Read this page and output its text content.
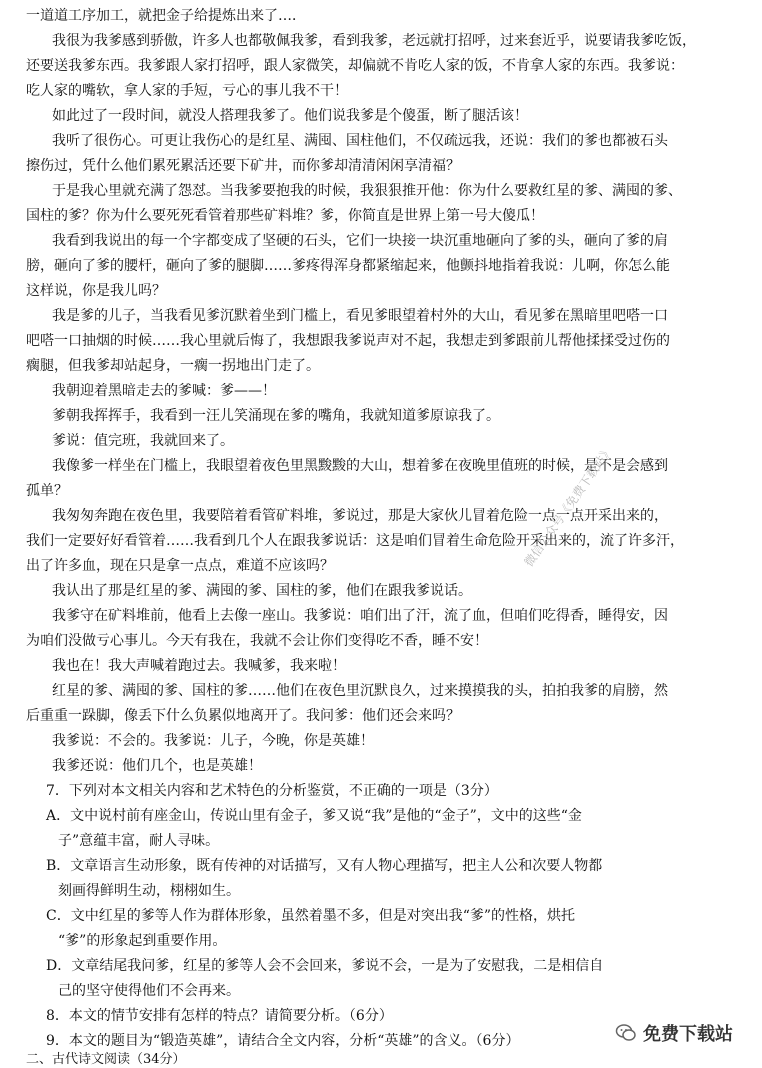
一道道工序加工，就把金子给提炼出来了…．
我很为我爹感到骄傲，许多人也都敬佩我爹，看到我爹，老远就打招呼，过来套近乎，说要请我爹吃饭，
还要送我爹东西。我爹跟人家打招呼，跟人家微笑，却偏就不肯吃人家的饭，不肯拿人家的东西。我爹说：
吃人家的嘴软，拿人家的手短，亏心的事儿我不干！
如此过了一段时间，就没人搭理我爹了。他们说我爹是个傻蛋，断了腿活该！
我听了很伤心。可更让我伤心的是红星、满囤、国柱他们，不仅疏远我，还说：我们的爹也都被石头
擦伤过，凭什么他们累死累活还要下矿井，而你爹却清清闲闲享清福？
于是我心里就充满了怨怼。当我爹要抱我的时候，我狠狠推开他：你为什么要救红星的爹、满囤的爹、
国柱的爹？你为什么要死死看管着那些矿料堆？爹，你简直是世界上第一号大傻瓜！
我看到我说出的每一个字都变成了坚硬的石头，它们一块接一块沉重地砸向了爹的头，砸向了爹的肩
膀，砸向了爹的腰杆，砸向了爹的腿脚……爹疼得浑身都紧缩起来，他颤抖地指着我说：儿啊，你怎么能
这样说，你是我儿吗？
我是爹的儿子，当我看见爹沉默着坐到门槛上，看见爹眼望着村外的大山，看见爹在黑暗里吧嗒一口
吧嗒一口抽烟的时候……我心里就后悔了，我想跟我爹说声对不起，我想走到爹跟前儿帮他揉揉受过伤的
瘸腿，但我爹却站起身，一瘸一拐地出门走了。
我朝迎着黑暗走去的爹喊：爹——！
爹朝我挥挥手，我看到一汪儿笑涌现在爹的嘴角，我就知道爹原谅我了。
爹说：值完班，我就回来了。
我像爹一样坐在门槛上，我眼望着夜色里黑黢黢的大山，想着爹在夜晚里值班的时候，是不是会感到
孤单？
我匆匆奔跑在夜色里，我要陪着看管矿料堆，爹说过，那是大家伙儿冒着危险一点一点开采出来的，
我们一定要好好看管着……我看到几个人在跟我爹说话：这是咱们冒着生命危险开采出来的，流了许多汗，
出了许多血，现在只是拿一点点，难道不应该吗？
我认出了那是红星的爹、满囤的爹、国柱的爹，他们在跟我爹说话。
我爹守在矿料堆前，他看上去像一座山。我爹说：咱们出了汗，流了血，但咱们吃得香，睡得安，因
为咱们没做亏心事儿。今天有我在，我就不会让你们变得吃不香，睡不安！
我也在！我大声喊着跑过去。我喊爹，我来啦！
红星的爹、满囤的爹、国柱的爹……他们在夜色里沉默良久，过来摸摸我的头，拍拍我爹的肩膀，然
后重重一跺脚，像丢下什么负累似地离开了。我问爹：他们还会来吗？
我爹说：不会的。我爹说：儿子，今晚，你是英雄！
我爹还说：他们几个，也是英雄！
7．下列对本文相关内容和艺术特色的分析鉴赏，不正确的一项是（3分）
A．文中说村前有座金山，传说山里有金子，爹又说“我”是他的“金子”，文中的这些“金
子”意蕴丰富，耐人寻味。
B．文章语言生动形象，既有传神的对话描写，又有人物心理描写，把主人公和次要人物都
刻画得鲜明生动，栩栩如生。
C．文中红星的爹等人作为群体形象，虽然着墨不多，但是对突出我“爹”的性格，烘托
“爹”的形象起到重要作用。
D．文章结尾我问爹，红星的爹等人会不会回来，爹说不会，一是为了安慰我，二是相信自
己的坚守使得他们不会再来。
8．本文的情节安排有怎样的特点？请简要分析。（6分）
9．本文的题目为“锻造英雄”，请结合全文内容，分析“英雄”的含义。（6分）
二、古代诗文阅读（34分）
微信公众号《免费下载站》
免费下载站
